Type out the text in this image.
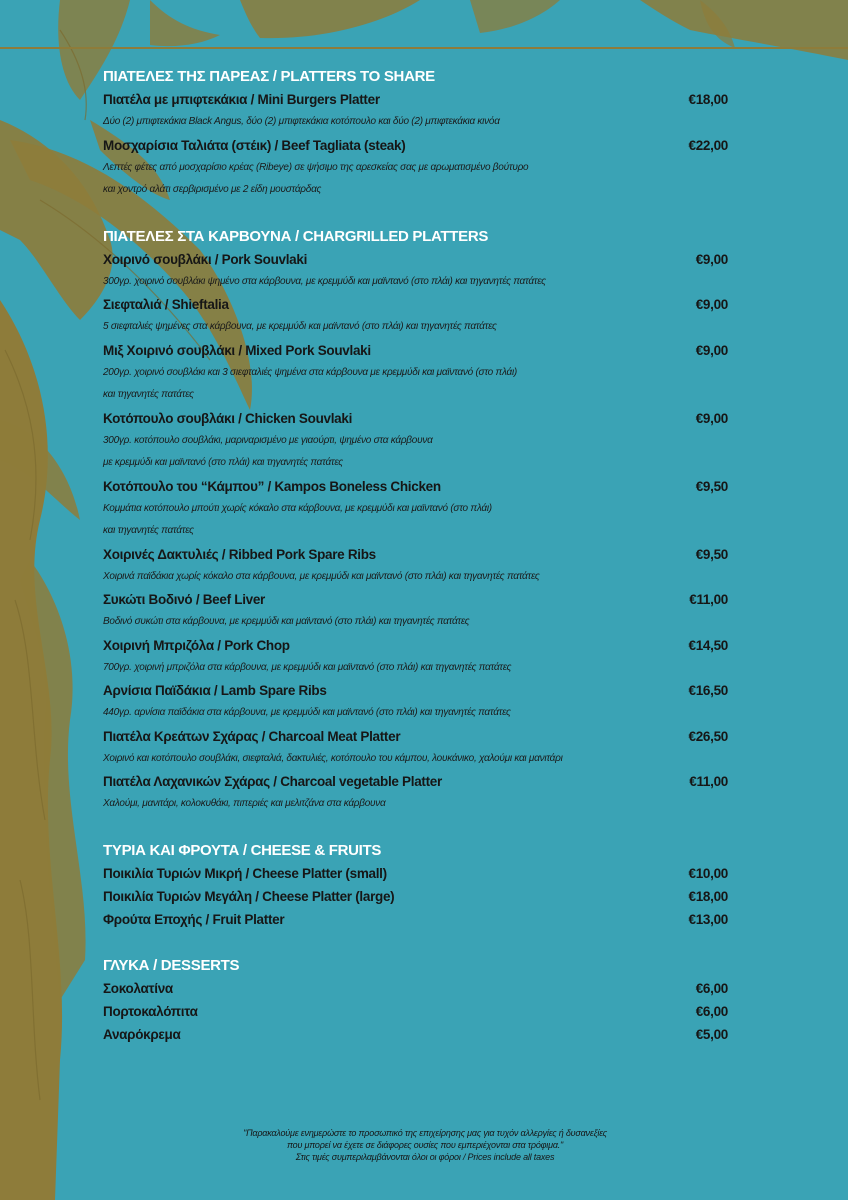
ΠΙΑΤΕΛΕΣ ΤΗΣ ΠΑΡΕΑΣ / PLATTERS TO SHARE
Πιατέλα με μπιφτεκάκια / Mini Burgers Platter	€18,00
Δύο (2) μπιφτεκάκια Black Angus, δύο (2) μπιφτεκάκια κοτόπουλο και δύο (2) μπιφτεκάκια κινόα
Μοσχαρίσια Ταλιάτα (στέικ) / Beef Tagliata (steak)	€22,00
Λεπτές φέτες από μοσχαρίσιο κρέας (Ribeye) σε ψήσιμο της αρεσκείας σας με αρωματισμένο βούτυρο
και χοντρό αλάτι σερβιρισμένο με 2 είδη μουστάρδας
ΠΙΑΤΕΛΕΣ ΣΤΑ ΚΑΡΒΟΥΝΑ / CHARGRILLED PLATTERS
Χοιρινό σουβλάκι / Pork Souvlaki	€9,00
300γρ. χοιρινό σουβλάκι ψημένο στα κάρβουνα, με κρεμμύδι και μαϊντανό (στο πλάι) και τηγανητές πατάτες
Σιεφταλιά / Shieftalia	€9,00
5 σιεφταλιές ψημένες στα κάρβουνα, με κρεμμύδι και μαϊντανό (στο πλάι) και τηγανητές πατάτες
Μιξ Χοιρινό σουβλάκι / Mixed Pork Souvlaki	€9,00
200γρ. χοιρινό σουβλάκι και 3 σιεφταλιές ψημένα στα κάρβουνα με κρεμμύδι και μαϊντανό (στο πλάι)
και τηγανητές πατάτες
Κοτόπουλο σουβλάκι / Chicken Souvlaki	€9,00
300γρ. κοτόπουλο σουβλάκι, μαριναρισμένο με γιαούρτι, ψημένο στα κάρβουνα
με κρεμμύδι και μαϊντανό (στο πλάι) και τηγανητές πατάτες
Κοτόπουλο του “Κάμπου” / Kampos Boneless Chicken	€9,50
Κομμάτια κοτόπουλο μπούτι χωρίς κόκαλο στα κάρβουνα, με κρεμμύδι και μαϊντανό (στο πλάι)
και τηγανητές πατάτες
Χοιρινές Δακτυλιές / Ribbed Pork Spare Ribs	€9,50
Χοιρινά παϊδάκια χωρίς κόκαλο στα κάρβουνα, με κρεμμύδι και μαϊντανό (στο πλάι) και τηγανητές πατάτες
Συκώτι Βοδινό / Beef Liver	€11,00
Βοδινό συκώτι στα κάρβουνα, με κρεμμύδι και μαϊντανό (στο πλάι) και τηγανητές πατάτες
Χοιρινή Μπριζόλα / Pork Chop	€14,50
700γρ. χοιρινή μπριζόλα στα κάρβουνα, με κρεμμύδι και μαϊντανό (στο πλάι) και τηγανητές πατάτες
Αρνίσια Παϊδάκια / Lamb Spare Ribs	€16,50
440γρ. αρνίσια παϊδάκια στα κάρβουνα, με κρεμμύδι και μαϊντανό (στο πλάι) και τηγανητές πατάτες
Πιατέλα Κρεάτων Σχάρας / Charcoal Meat Platter	€26,50
Χοιρινό και κοτόπουλο σουβλάκι, σιεφταλιά, δακτυλιές, κοτόπουλο του κάμπου, λουκάνικο, χαλούμι και μανιτάρι
Πιατέλα Λαχανικών Σχάρας / Charcoal vegetable Platter	€11,00
Χαλούμι, μανιτάρι, κολοκυθάκι, πιπεριές και μελιτζάνα στα κάρβουνα
ΤΥΡΙΑ ΚΑΙ ΦΡΟΥΤΑ / CHEESE & FRUITS
Ποικιλία Τυριών Μικρή / Cheese Platter (small)	€10,00
Ποικιλία Τυριών Μεγάλη / Cheese Platter (large)	€18,00
Φρούτα Εποχής / Fruit Platter	€13,00
ΓΛΥΚΑ / DESSERTS
Σοκολατίνα	€6,00
Πορτοκαλόπιτα	€6,00
Αναρόκρεμα	€5,00
"Παρακαλούμε ενημερώστε το προσωπικό της επιχείρησης μας για τυχόν αλλεργίες ή δυσανεξίες
που μπορεί να έχετε σε διάφορες ουσίες που εμπεριέχονται στα τρόφιμα."
Στις τιμές συμπεριλαμβάνονται όλοι οι φόροι / Prices include all taxes
